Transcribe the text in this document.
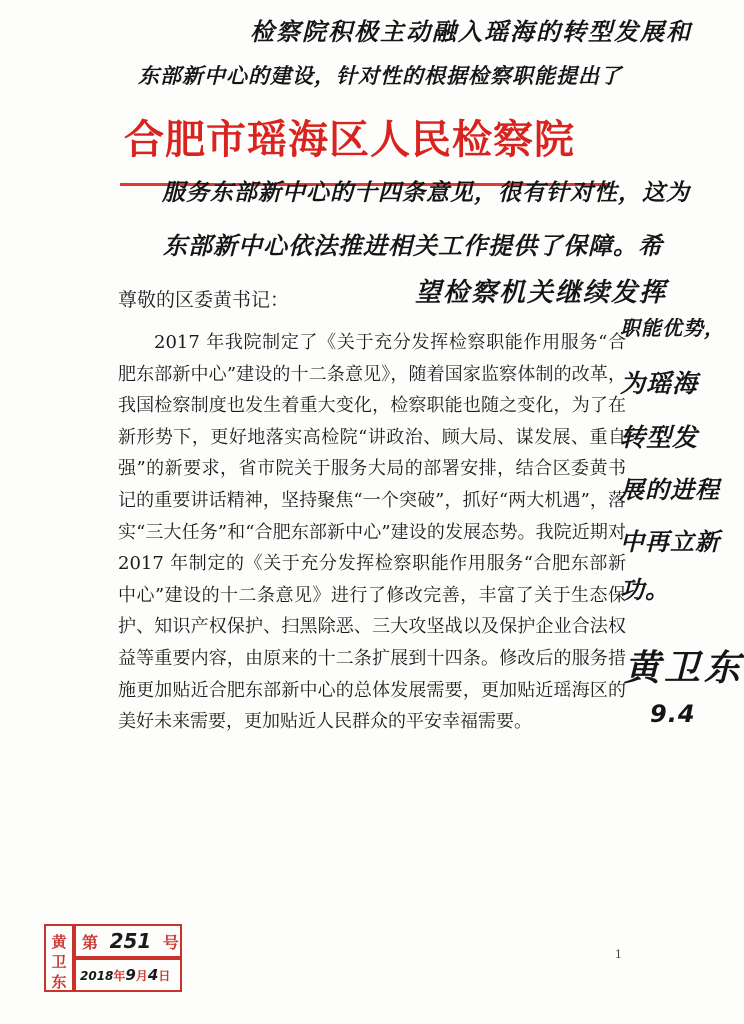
检察院积极主动融入瑶海的转型发展和
东部新中心的建设，针对性的根据检察职能提出了
合肥市瑶海区人民检察院
服务东部新中心的十四条意见，很有针对性，这为
东部新中心依法推进相关工作提供了保障。希
望检察机关继续发挥
尊敬的区委黄书记：

2017 年我院制定了《关于充分发挥检察职能作用服务“合肥东部新中心”建设的十二条意见》，随着国家监察体制的改革，我国检察制度也发生着重大变化，检察职能也随之变化，为了在新形势下，更好地落实高检院“讲政治、顾大局、谋发展、重自强”的新要求，省市院关于服务大局的部署安排，结合区委黄书记的重要讲话精神，坚持聚焦“一个突破”，抓好“两大机遇”，落实“三大任务”和“合肥东部新中心”建设的发展态势。我院近期对 2017 年制定的《关于充分发挥检察职能作用服务“合肥东部新中心”建设的十二条意见》进行了修改完善，丰富了关于生态保护、知识产权保护、扫黑除恶、三大攻坚战以及保护企业合法权益等重要内容，由原来的十二条扩展到十四条。修改后的服务措施更加贴近合肥东部新中心的总体发展需要，更加贴近瑶海区的美好未来需要，更加贴近人民群众的平安幸福需要。

职能优势，
为瑶海
转型发
展的进程
中再立新
功。
黄卫东
9.4
黄卫东
第 251 号
2018年9月4日
1
